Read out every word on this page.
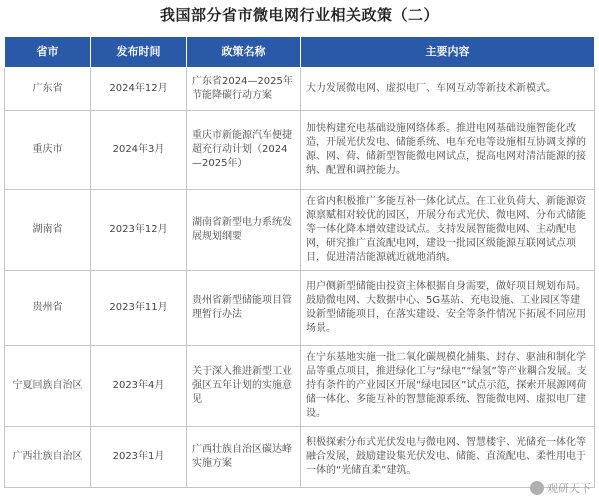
我国部分省市微电网行业相关政策（二）
省市	发布时间	政策名称	主要内容
广东省	2024年12月	广东省2024—2025年节能降碳行动方案	大力发展微电网、虚拟电厂、车网互动等新技术新模式。
重庆市	2024年3月	重庆市新能源汽车便捷超充行动计划（2024—2025年）	加快构建充电基础设施网络体系。推进电网基础设施智能化改造，开展光伏发电、储能系统、电车充电等设施相互协调支撑的源、网、荷、储新型智能微电网试点，提高电网对清洁能源的接纳、配置和调控能力。
湖南省	2023年12月	湖南省新型电力系统发展规划纲要	在省内积极推广多能互补一体化试点。在工业负荷大、新能源资源禀赋相对较优的园区，开展分布式光伏、微电网、分布式储能等一体化降本增效建设试点。支持发展智能微电网、主动配电网，研究推广直流配电网，建设一批园区级能源互联网试点项目，促进清洁能源就近就地消纳。
贵州省	2023年11月	贵州省新型储能项目管理暂行办法	用户侧新型储能由投资主体根据自身需要，做好项目规划布局。鼓励微电网、大数据中心、5G基站、充电设施、工业园区等建设新型储能项目，在落实建设、安全等条件情况下拓展不同应用场景。
宁夏回族自治区	2023年4月	关于深入推进新型工业强区五年计划的实施意见	在宁东基地实施一批二氧化碳规模化捕集、封存、驱油和制化学品等重点项目，推进绿化工与“绿电”“绿氢”等产业耦合发展。支持有条件的产业园区开展“绿电园区”试点示范，探索开展源网荷储一体化、多能互补的智慧能源系统、智能微电网、虚拟电厂建设。
广西壮族自治区	2023年1月	广西壮族自治区碳达峰实施方案	积极探索分布式光伏发电与微电网、智慧楼宇、光储充一体化等融合发展，鼓励建设集光伏发电、储能、直流配电、柔性用电于一体的“光储直柔”建筑。
观研天下
